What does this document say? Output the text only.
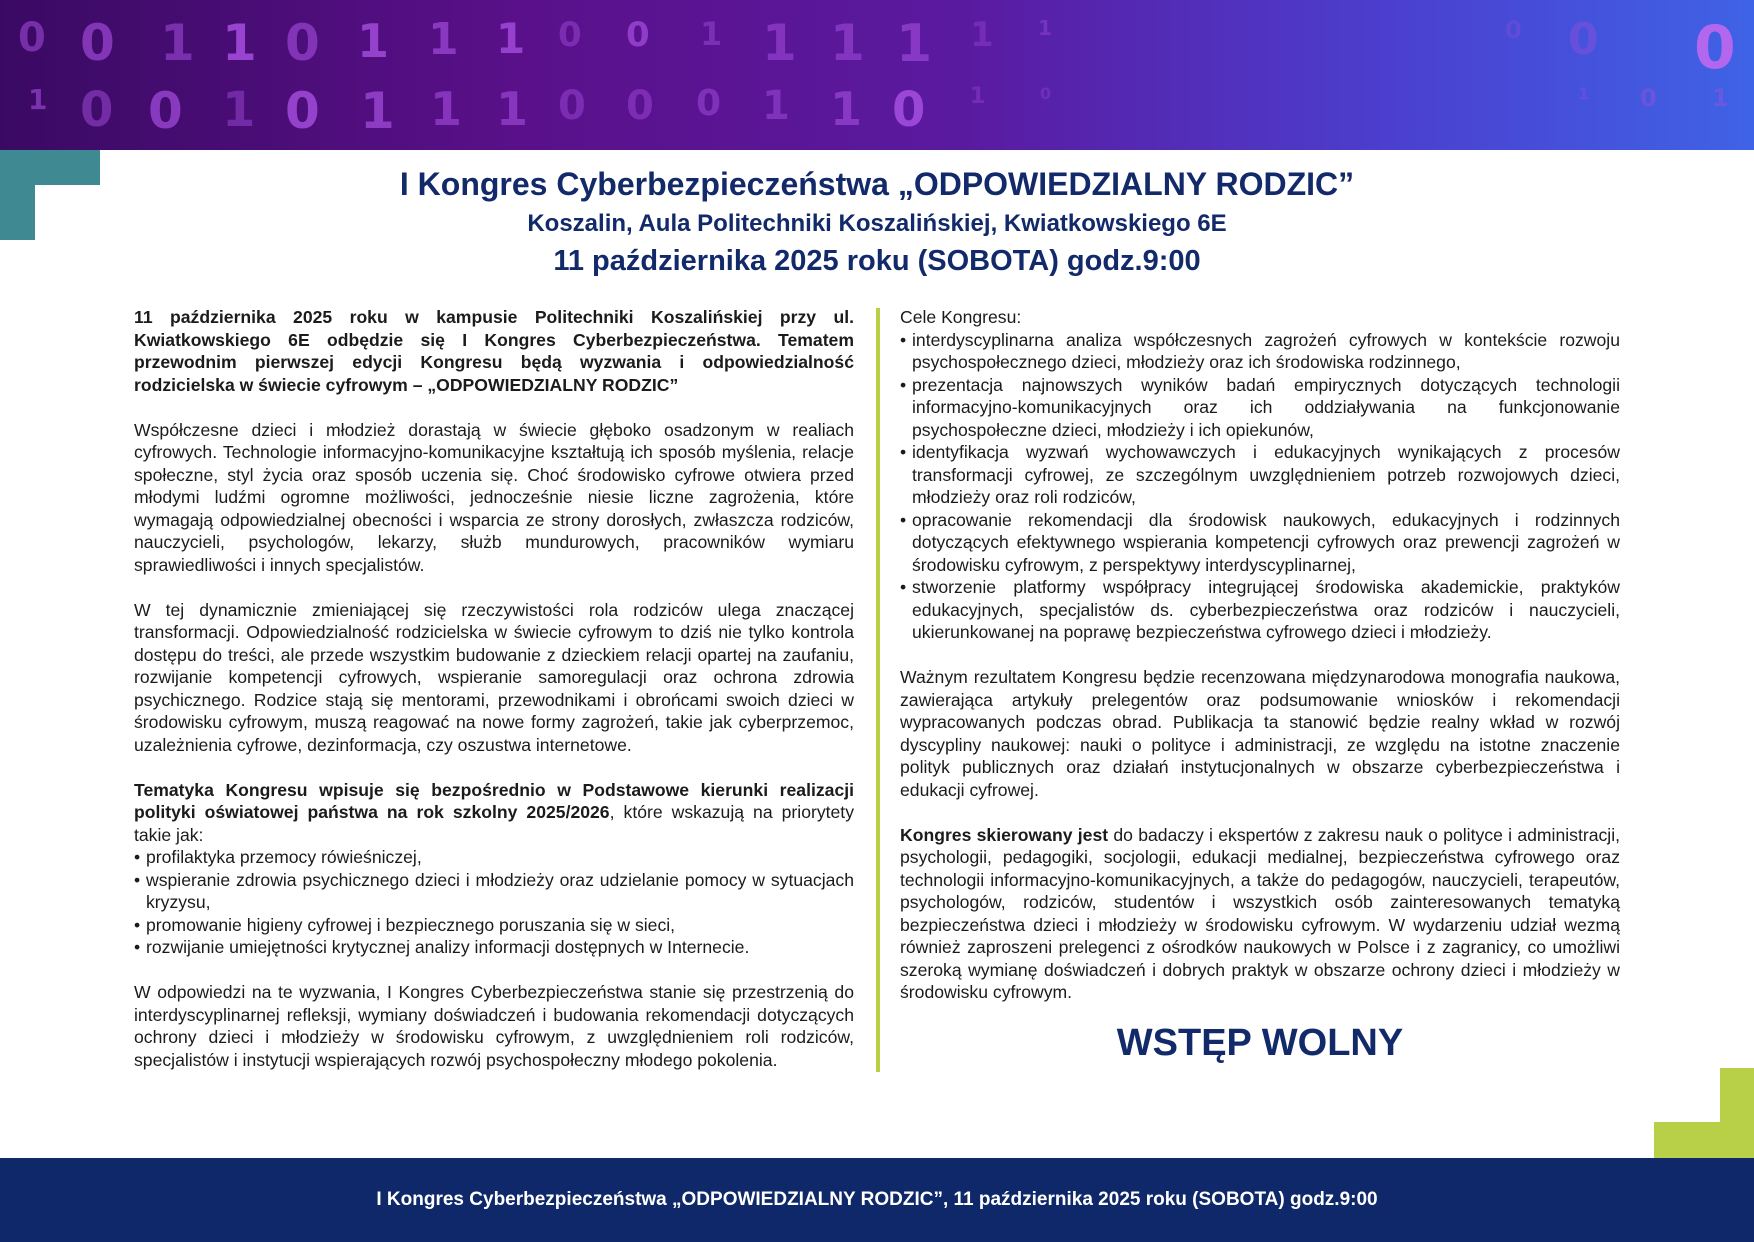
0 0 1 1 0 1 1 1 0 0 1 1 1 1 1 1	0 0 0
1 0 0 1 0 1 1 1 0 0 0 1 1 0 1	0	1 0 1
I Kongres Cyberbezpieczeństwa „ODPOWIEDZIALNY RODZIC”
Koszalin, Aula Politechniki Koszalińskiej, Kwiatkowskiego 6E
11 października 2025 roku (SOBOTA) godz.9:00

11 października 2025 roku w kampusie Politechniki Koszalińskiej przy ul. Kwiatkowskiego 6E odbędzie się I Kongres Cyberbezpieczeństwa. Tematem przewodnim pierwszej edycji Kongresu będą wyzwania i odpowiedzialność rodzicielska w świecie cyfrowym – „ODPOWIEDZIALNY RODZIC”

Współczesne dzieci i młodzież dorastają w świecie głęboko osadzonym w realiach cyfrowych. Technologie informacyjno-komunikacyjne kształtują ich sposób myślenia, relacje społeczne, styl życia oraz sposób uczenia się. Choć środowisko cyfrowe otwiera przed młodymi ludźmi ogromne możliwości, jednocześnie niesie liczne zagrożenia, które wymagają odpowiedzialnej obecności i wsparcia ze strony dorosłych, zwłaszcza rodziców, nauczycieli, psychologów, lekarzy, służb mundurowych, pracowników wymiaru sprawiedliwości i innych specjalistów.

W tej dynamicznie zmieniającej się rzeczywistości rola rodziców ulega znaczącej transformacji. Odpowiedzialność rodzicielska w świecie cyfrowym to dziś nie tylko kontrola dostępu do treści, ale przede wszystkim budowanie z dzieckiem relacji opartej na zaufaniu, rozwijanie kompetencji cyfrowych, wspieranie samoregulacji oraz ochrona zdrowia psychicznego. Rodzice stają się mentorami, przewodnikami i obrońcami swoich dzieci w środowisku cyfrowym, muszą reagować na nowe formy zagrożeń, takie jak cyberprzemoc, uzależnienia cyfrowe, dezinformacja, czy oszustwa internetowe.

Tematyka Kongresu wpisuje się bezpośrednio w Podstawowe kierunki realizacji polityki oświatowej państwa na rok szkolny 2025/2026, które wskazują na priorytety takie jak:

• profilaktyka przemocy rówieśniczej,
• wspieranie zdrowia psychicznego dzieci i młodzieży oraz udzielanie pomocy w sytuacjach kryzysu,
• promowanie higieny cyfrowej i bezpiecznego poruszania się w sieci,
• rozwijanie umiejętności krytycznej analizy informacji dostępnych w Internecie.

W odpowiedzi na te wyzwania, I Kongres Cyberbezpieczeństwa stanie się przestrzenią do interdyscyplinarnej refleksji, wymiany doświadczeń i budowania rekomendacji dotyczących ochrony dzieci i młodzieży w środowisku cyfrowym, z uwzględnieniem roli rodziców, specjalistów i instytucji wspierających rozwój psychospołeczny młodego pokolenia.

Cele Kongresu:

• interdyscyplinarna analiza współczesnych zagrożeń cyfrowych w kontekście rozwoju psychospołecznego dzieci, młodzieży oraz ich środowiska rodzinnego,
• prezentacja najnowszych wyników badań empirycznych dotyczących technologii informacyjno-komunikacyjnych oraz ich oddziaływania na funkcjonowanie psychospołeczne dzieci, młodzieży i ich opiekunów,
• identyfikacja wyzwań wychowawczych i edukacyjnych wynikających z procesów transformacji cyfrowej, ze szczególnym uwzględnieniem potrzeb rozwojowych dzieci, młodzieży oraz roli rodziców,
• opracowanie rekomendacji dla środowisk naukowych, edukacyjnych i rodzinnych dotyczących efektywnego wspierania kompetencji cyfrowych oraz prewencji zagrożeń w środowisku cyfrowym, z perspektywy interdyscyplinarnej,
• stworzenie platformy współpracy integrującej środowiska akademickie, praktyków edukacyjnych, specjalistów ds. cyberbezpieczeństwa oraz rodziców i nauczycieli, ukierunkowanej na poprawę bezpieczeństwa cyfrowego dzieci i młodzieży.

Ważnym rezultatem Kongresu będzie recenzowana międzynarodowa monografia naukowa, zawierająca artykuły prelegentów oraz podsumowanie wniosków i rekomendacji wypracowanych podczas obrad. Publikacja ta stanowić będzie realny wkład w rozwój dyscypliny naukowej: nauki o polityce i administracji, ze względu na istotne znaczenie polityk publicznych oraz działań instytucjonalnych w obszarze cyberbezpieczeństwa i edukacji cyfrowej.

Kongres skierowany jest do badaczy i ekspertów z zakresu nauk o polityce i administracji, psychologii, pedagogiki, socjologii, edukacji medialnej, bezpieczeństwa cyfrowego oraz technologii informacyjno-komunikacyjnych, a także do pedagogów, nauczycieli, terapeutów, psychologów, rodziców, studentów i wszystkich osób zainteresowanych tematyką bezpieczeństwa dzieci i młodzieży w środowisku cyfrowym. W wydarzeniu udział wezmą również zaproszeni prelegenci z ośrodków naukowych w Polsce i z zagranicy, co umożliwi szeroką wymianę doświadczeń i dobrych praktyk w obszarze ochrony dzieci i młodzieży w środowisku cyfrowym.

WSTĘP WOLNY
I Kongres Cyberbezpieczeństwa „ODPOWIEDZIALNY RODZIC”, 11 października 2025 roku (SOBOTA) godz.9:00
